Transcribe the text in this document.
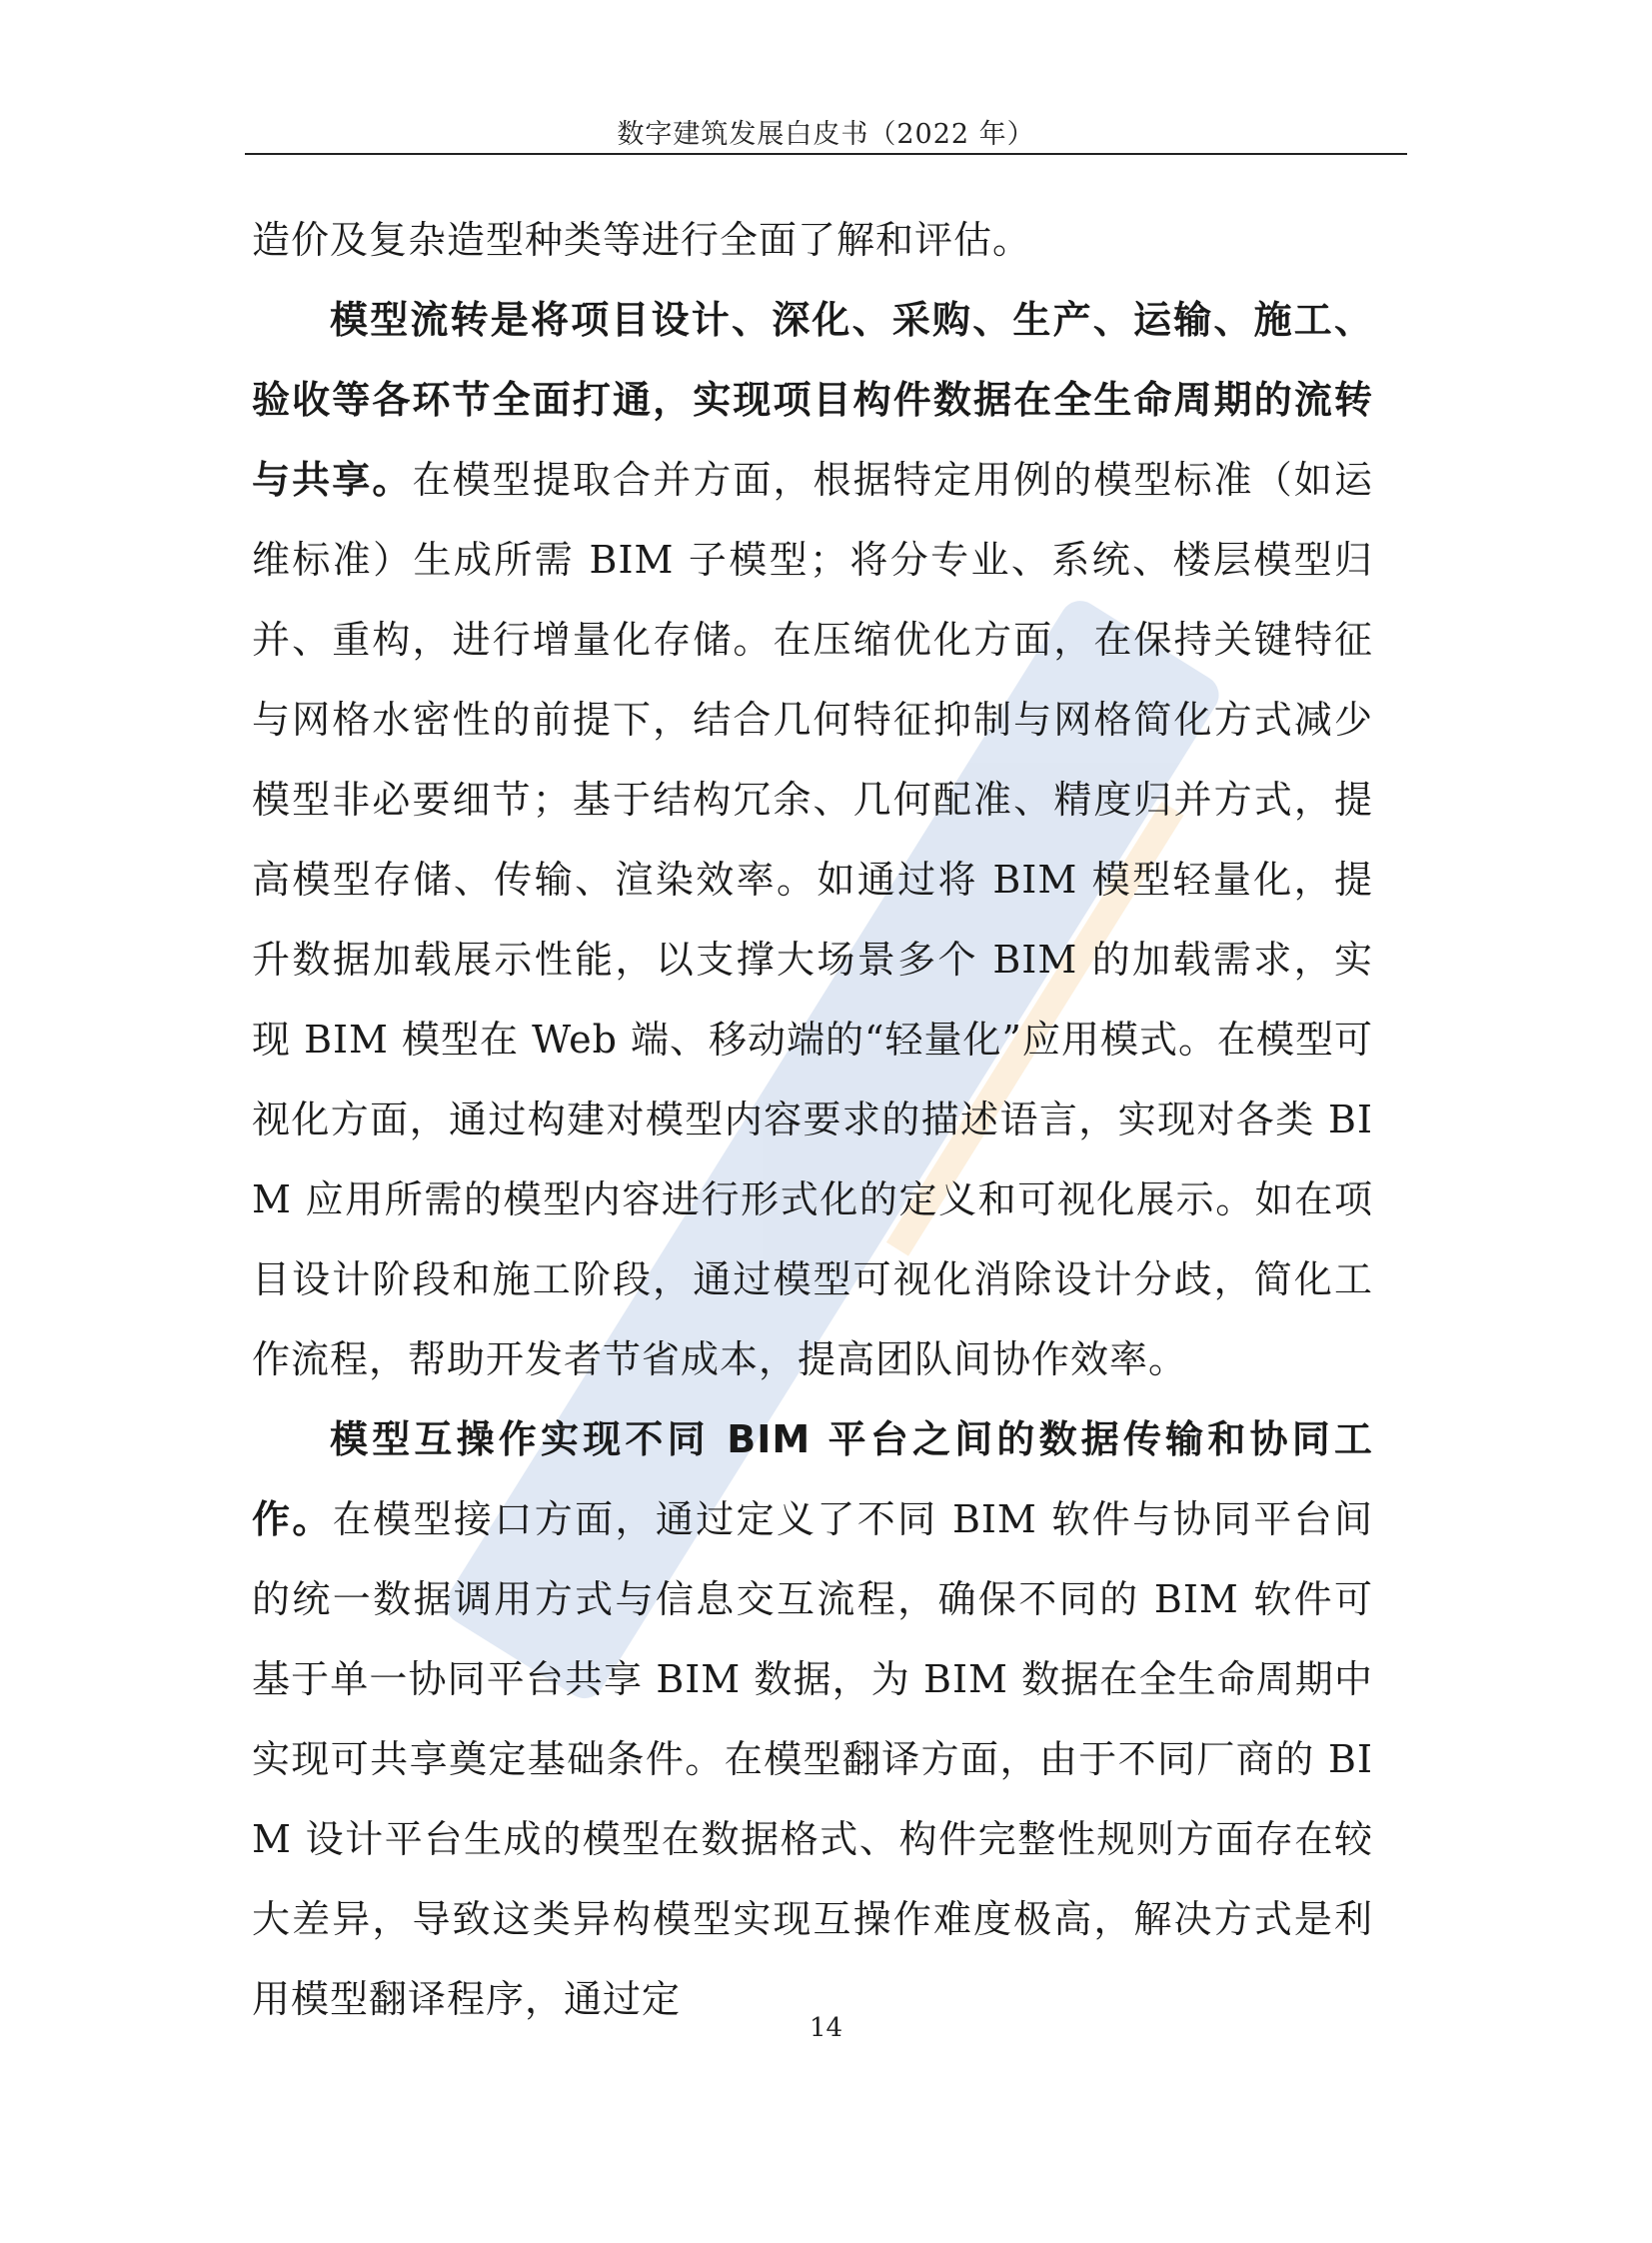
数字建筑发展白皮书（2022 年）

造价及复杂造型种类等进行全面了解和评估。

模型流转是将项目设计、深化、采购、生产、运输、施工、验收等各环节全面打通，实现项目构件数据在全生命周期的流转与共享。在模型提取合并方面，根据特定用例的模型标准（如运维标准）生成所需 BIM 子模型；将分专业、系统、楼层模型归并、重构，进行增量化存储。在压缩优化方面，在保持关键特征与网格水密性的前提下，结合几何特征抑制与网格简化方式减少模型非必要细节；基于结构冗余、几何配准、精度归并方式，提高模型存储、传输、渲染效率。如通过将 BIM 模型轻量化，提升数据加载展示性能，以支撑大场景多个 BIM 的加载需求，实现 BIM 模型在 Web 端、移动端的“轻量化”应用模式。在模型可视化方面，通过构建对模型内容要求的描述语言，实现对各类 BIM 应用所需的模型内容进行形式化的定义和可视化展示。如在项目设计阶段和施工阶段，通过模型可视化消除设计分歧，简化工作流程，帮助开发者节省成本，提高团队间协作效率。

模型互操作实现不同 BIM 平台之间的数据传输和协同工作。在模型接口方面，通过定义了不同 BIM 软件与协同平台间的统一数据调用方式与信息交互流程，确保不同的 BIM 软件可基于单一协同平台共享 BIM 数据，为 BIM 数据在全生命周期中实现可共享奠定基础条件。在模型翻译方面，由于不同厂商的 BIM 设计平台生成的模型在数据格式、构件完整性规则方面存在较大差异，导致这类异构模型实现互操作难度极高，解决方式是利用模型翻译程序，通过定

14
